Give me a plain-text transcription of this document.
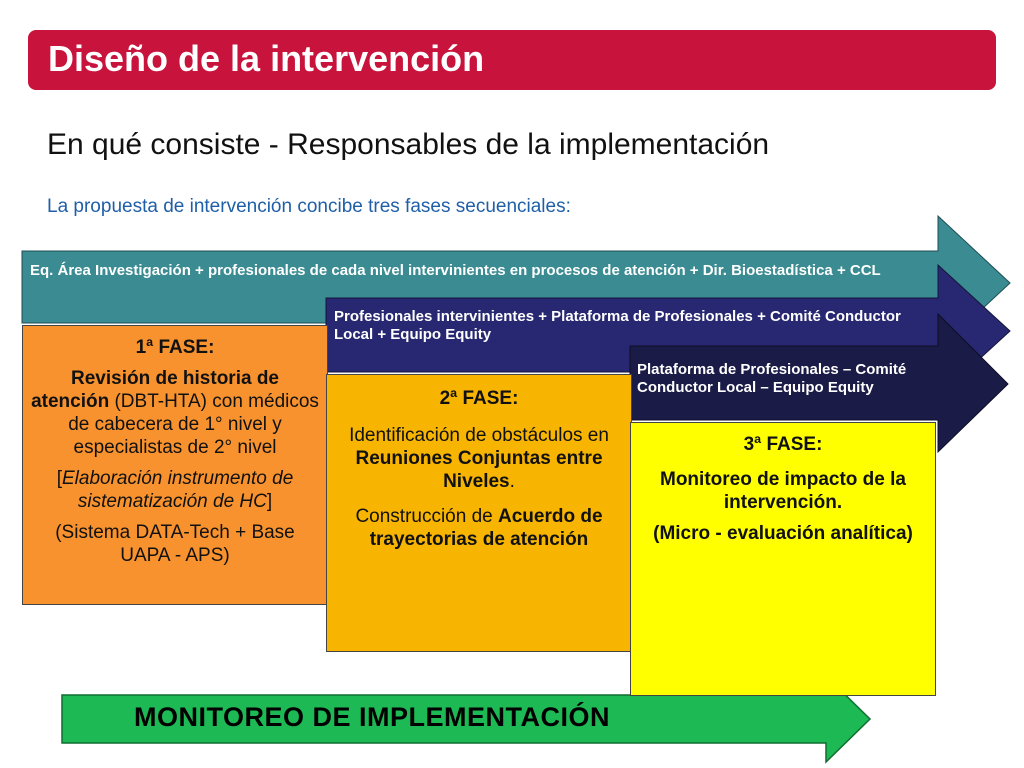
Diseño de la intervención
En qué consiste - Responsables de la implementación
La propuesta de intervención concibe tres fases secuenciales:
Eq. Área Investigación + profesionales de cada nivel intervinientes en procesos de atención + Dir. Bioestadística + CCL
Profesionales intervinientes + Plataforma de Profesionales + Comité Conductor Local + Equipo Equity
Plataforma de Profesionales – Comité Conductor Local – Equipo Equity

1ª FASE:

Revisión de historia de atención (DBT-HTA) con médicos de cabecera de 1° nivel y especialistas de 2° nivel

[Elaboración instrumento de sistematización de HC]

(Sistema DATA-Tech + Base UAPA - APS)

2ª FASE:

Identificación de obstáculos en Reuniones Conjuntas entre Niveles.

Construcción de Acuerdo de trayectorias de atención

3ª FASE:

Monitoreo de impacto de la intervención.

(Micro - evaluación analítica)

MONITOREO DE IMPLEMENTACIÓN
